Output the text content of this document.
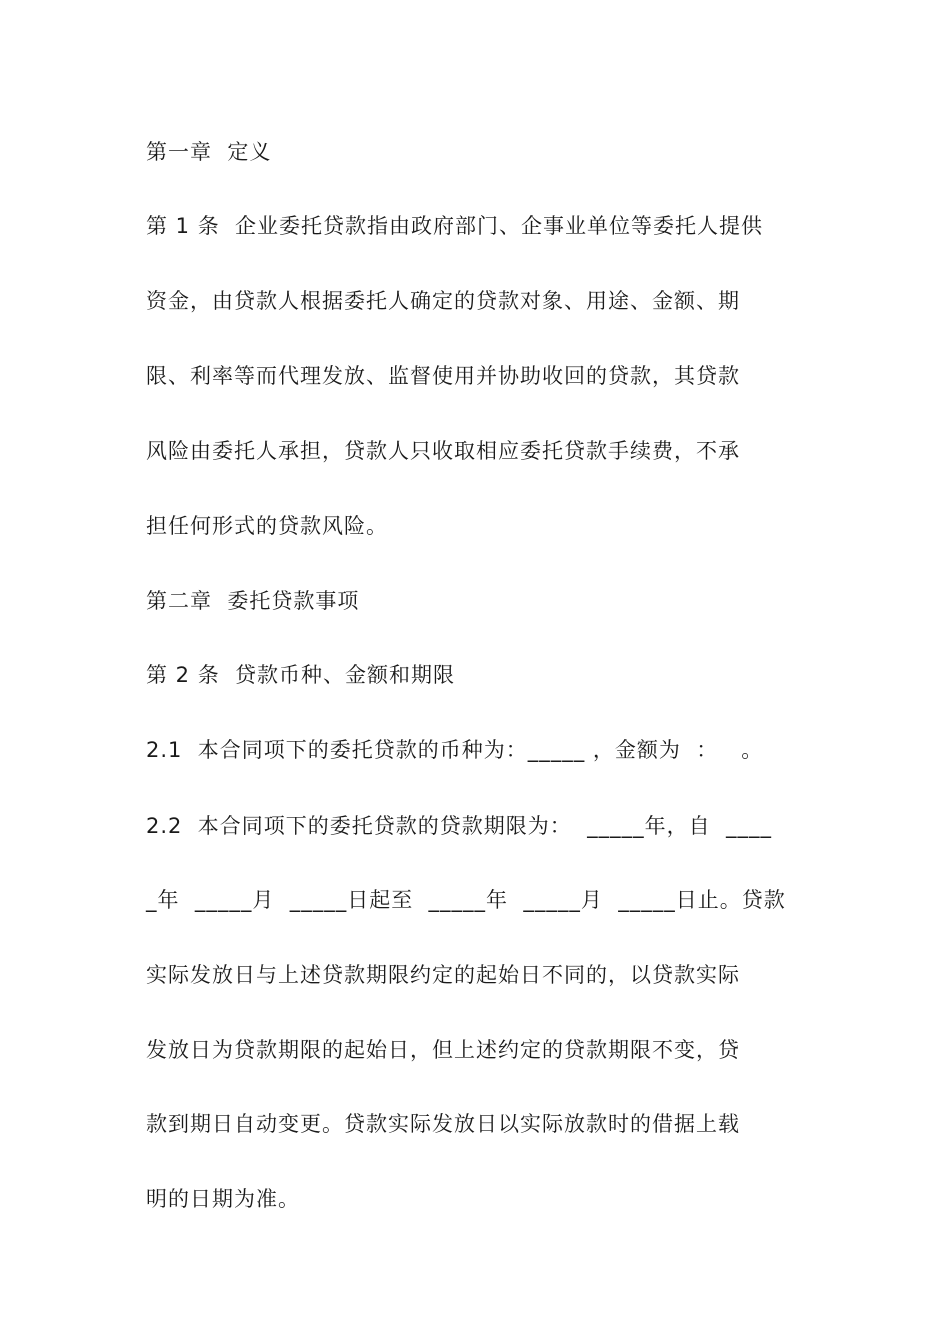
第一章  定义
第 1 条  企业委托贷款指由政府部门、企事业单位等委托人提供
资金，由贷款人根据委托人确定的贷款对象、用途、金额、期
限、利率等而代理发放、监督使用并协助收回的贷款，其贷款
风险由委托人承担，贷款人只收取相应委托贷款手续费，不承
担任何形式的贷款风险。
第二章  委托贷款事项
第 2 条  贷款币种、金额和期限
2.1  本合同项下的委托贷款的币种为：_____ ，金额为  ：   。
2.2  本合同项下的委托贷款的贷款期限为：  _____年，自  ____
_年  _____月  _____日起至  _____年  _____月  _____日止。贷款
实际发放日与上述贷款期限约定的起始日不同的，以贷款实际
发放日为贷款期限的起始日，但上述约定的贷款期限不变，贷
款到期日自动变更。贷款实际发放日以实际放款时的借据上载
明的日期为准。
